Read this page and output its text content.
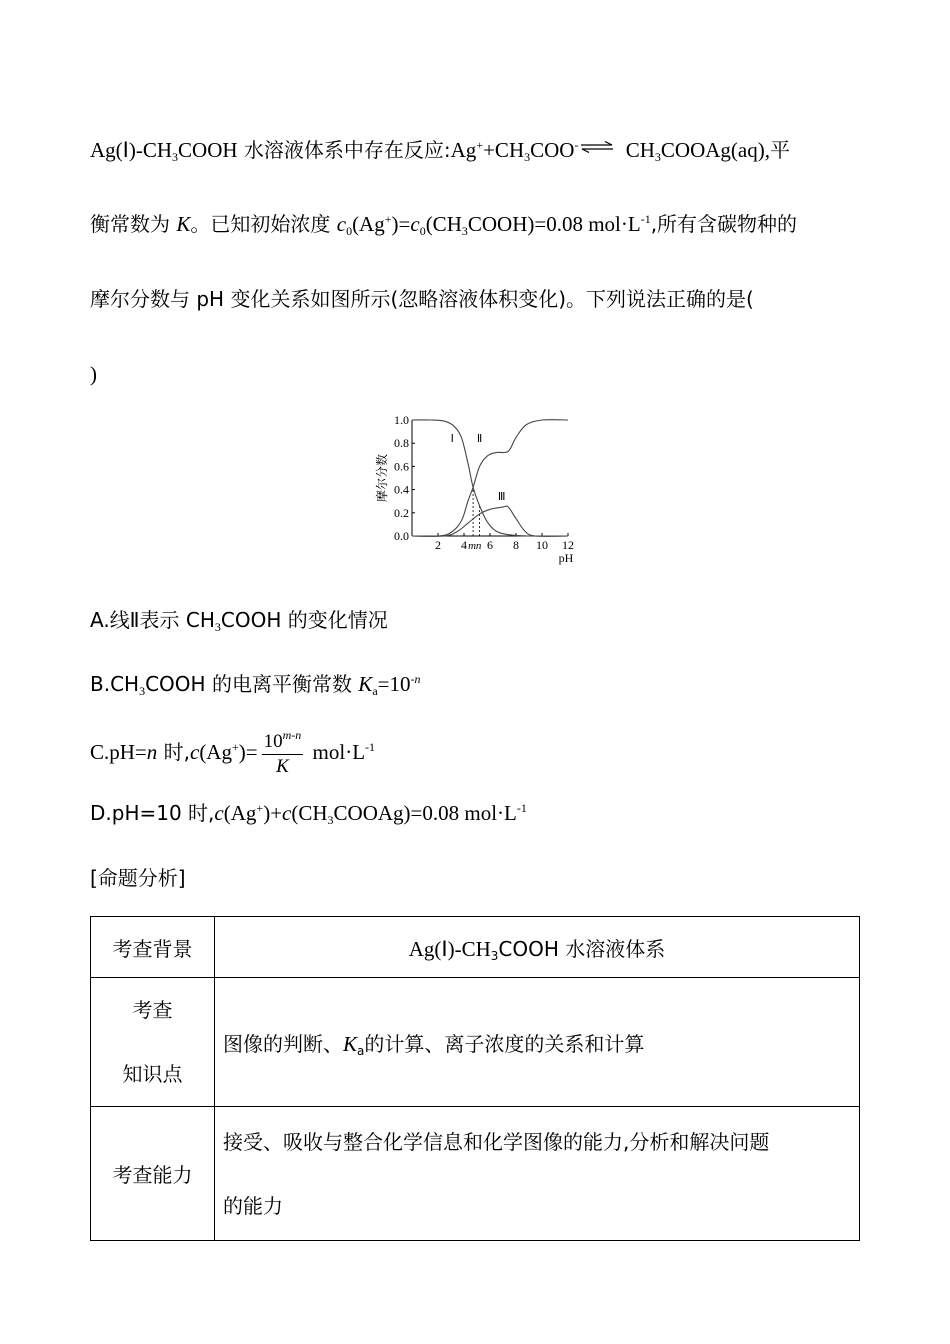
$Ag(Ⅰ)-CH_3COOH$ 水溶液体系中存在反应$:Ag^++CH_3COO^-$ ⇌ $CH_3COOAg(aq)$,平
衡常数为 K。已知初始浓度 $c_0(Ag^+)=c_0(CH_3COOH)=0.08$ $mol\cdot L^{-1}$,所有含碳物种的
摩尔分数与 pH 变化关系如图所示(忽略溶液体积变化)。下列说法正确的是(
)
2 4 6 8 10 12
0.0
0.2
0.4
0.6
0.8
1.0
m n
Ⅰ Ⅱ
Ⅲ
摩尔分数
pH
A.线Ⅱ表示 $CH_3COOH$ 的变化情况
$B.CH_3COOH$ 的电离平衡常数 $K_a=10^{-n}$
C.pH=n 时$,c(Ag^+)= \frac{10^{m-n}}{K} mol\cdot L^{-1}$
D.pH=10 时$,c(Ag^+)+c(CH_3COOAg)=0.08$ $mol\cdot L^{-1}$
[命题分析]
考查背景	$Ag(Ⅰ)-CH_3COOH$ 水溶液体系

考查
知识点	图像的判断、$K_a$的计算、离子浓度的关系和计算
考查能力	接受、吸收与整合化学信息和化学图像的能力,分析和解决问题
的能力
